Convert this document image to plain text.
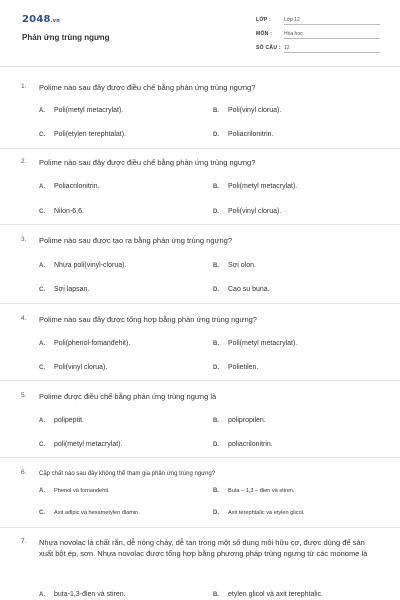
2048.vn
Phản ứng trùng ngưng
LỚP :	Lớp 12
MÔN : Hóa học
SỐ CÂU : 12
1. Polime nào sau đây được điều chế bằng phản ứng trùng ngưng?
A. Poli(metyl metacrylat).	B. Poli(vinyl clorua).
C. Poli(etylen terephtalat).	D. Poliacrilonitrin.
2. Polime nào sau đây được điều chế bằng phản ứng trùng ngưng?
A. Poliacrilonitrin.	B. Poli(metyl metacrylat).
C. Nilon-6,6.	D. Poli(vinyl clorua).
3. Polime nào sau được tạo ra bằng phản ứng trùng ngưng?
A. Nhựa poli(vinyl-clorua).	B. Sợi olon.
C. Sợi lapsan.	D. Cao su buna.
4. Polime nào sau đây được tổng hợp bằng phản ứng trùng ngưng?
A. Poli(phenol-fomanđehit).	B. Poli(metyl metacrylat).
C. Poli(vinyl clorua).	D. Polietilen.
5. Polime được điều chế bằng phản ứng trùng ngưng là
A. polipeptit.	B. polipropilen.
C. poli(metyl metacrylat).	D. poliacrilonitrin.
6. Cặp chất nào sau đây không thể tham gia phản ứng trùng ngưng?
A. Phenol và fomanđehit.	B. Buta – 1,3 – đien và stiren.
C. Axit ađipic và hexametylen điamin.	D. Axit terephtalic và etylen glicol.
7. Nhựa novolac là chất rắn, dễ nóng chảy, dễ tan trong một số dung môi hữu cơ, được dùng để sản xuất bột ép, sơn. Nhựa novolac được tổng hợp bằng phương pháp trùng ngưng từ các monome là
A. buta-1,3-đien và stiren.	B. etylen glicol và axit terephtalic.
